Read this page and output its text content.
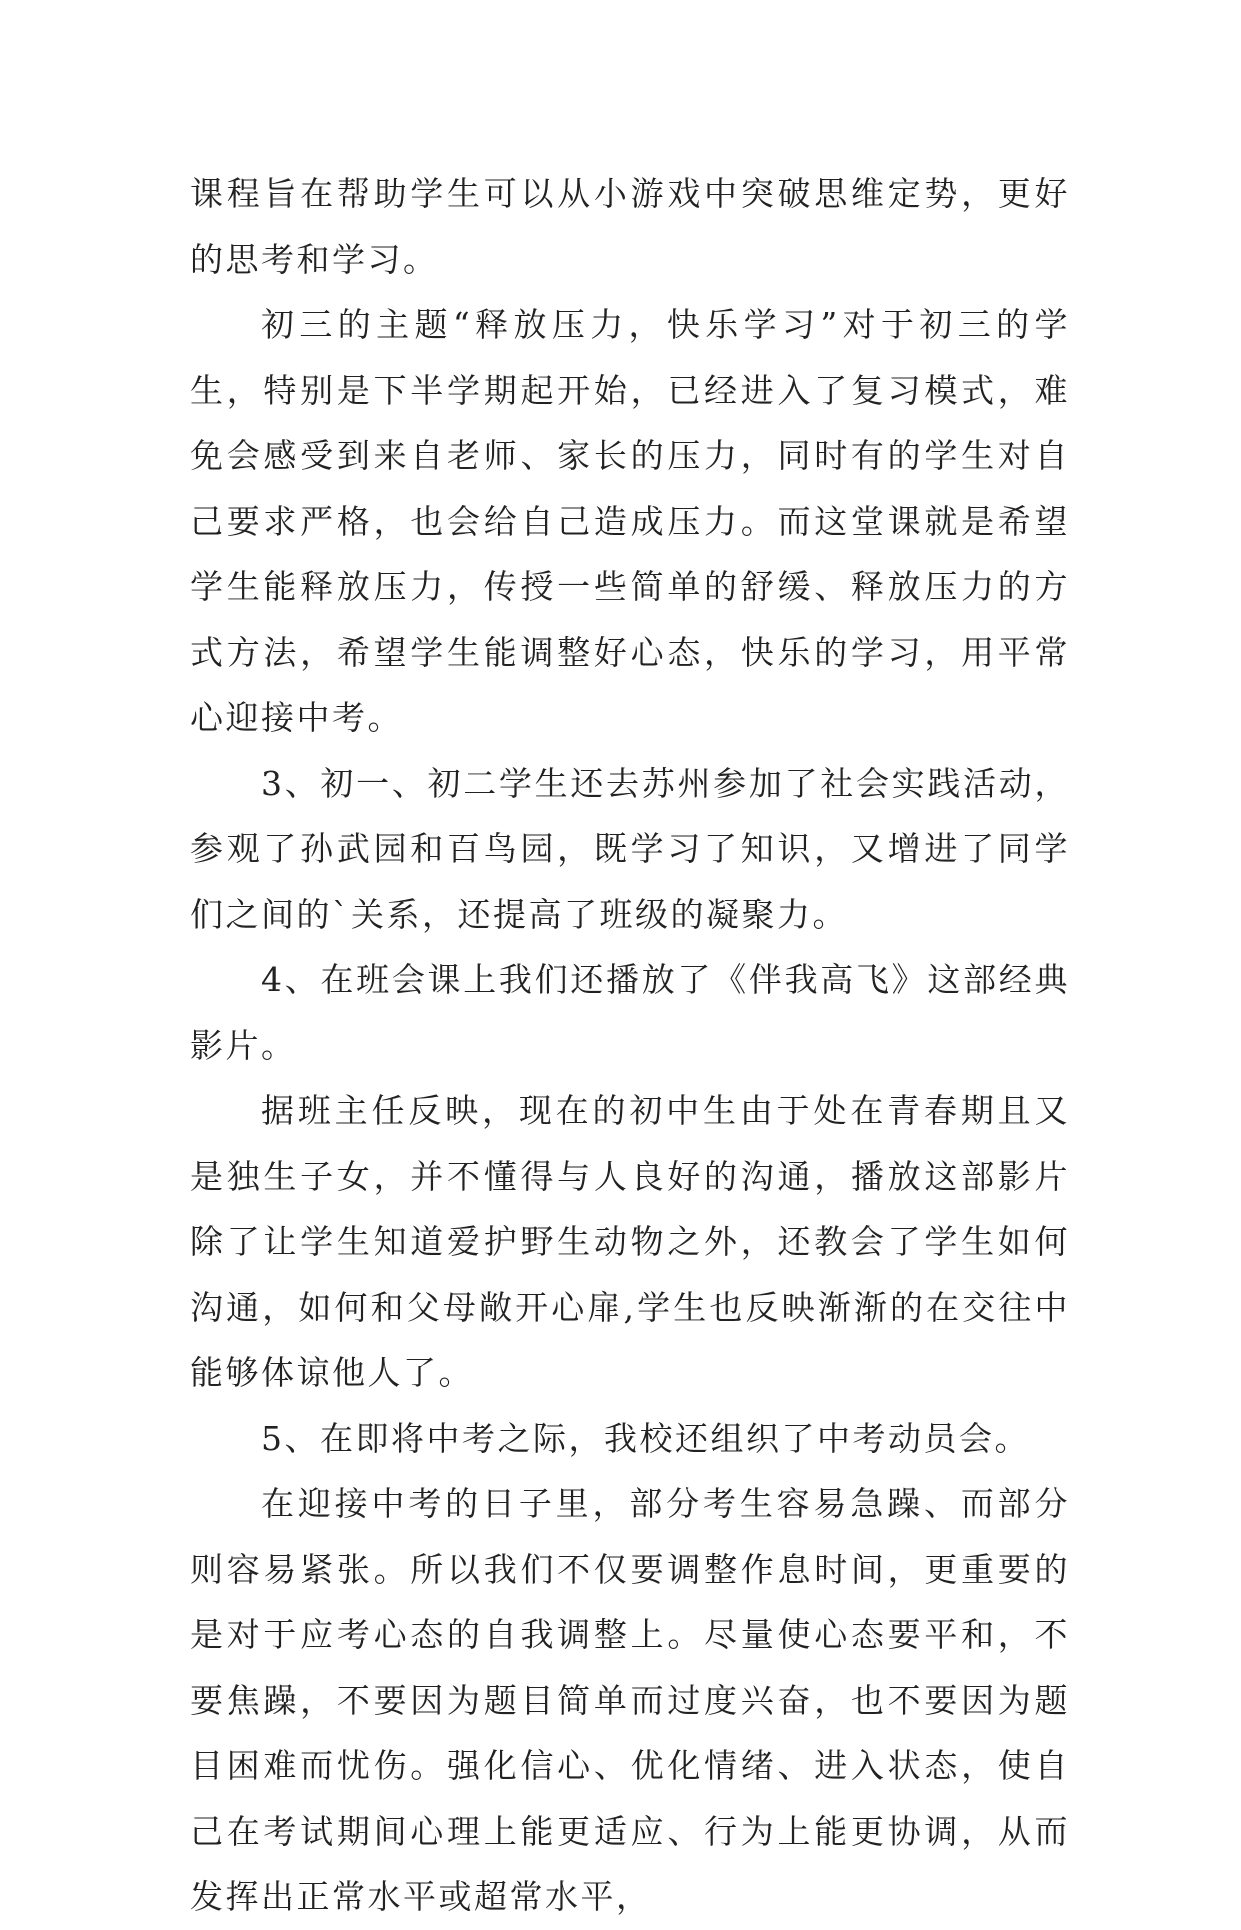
课程旨在帮助学生可以从小游戏中突破思维定势，更好的思考和学习。

初三的主题“释放压力，快乐学习”对于初三的学生，特别是下半学期起开始，已经进入了复习模式，难免会感受到来自老师、家长的压力，同时有的学生对自己要求严格，也会给自己造成压力。而这堂课就是希望学生能释放压力，传授一些简单的舒缓、释放压力的方式方法，希望学生能调整好心态，快乐的学习，用平常心迎接中考。

3、初一、初二学生还去苏州参加了社会实践活动，参观了孙武园和百鸟园，既学习了知识，又增进了同学们之间的`关系，还提高了班级的凝聚力。

4、在班会课上我们还播放了《伴我高飞》这部经典影片。

据班主任反映，现在的初中生由于处在青春期且又是独生子女，并不懂得与人良好的沟通，播放这部影片除了让学生知道爱护野生动物之外，还教会了学生如何沟通，如何和父母敞开心扉,学生也反映渐渐的在交往中能够体谅他人了。

5、在即将中考之际，我校还组织了中考动员会。

在迎接中考的日子里，部分考生容易急躁、而部分则容易紧张。所以我们不仅要调整作息时间，更重要的是对于应考心态的自我调整上。尽量使心态要平和，不要焦躁，不要因为题目简单而过度兴奋，也不要因为题目困难而忧伤。强化信心、优化情绪、进入状态，使自己在考试期间心理上能更适应、行为上能更协调，从而发挥出正常水平或超常水平，
